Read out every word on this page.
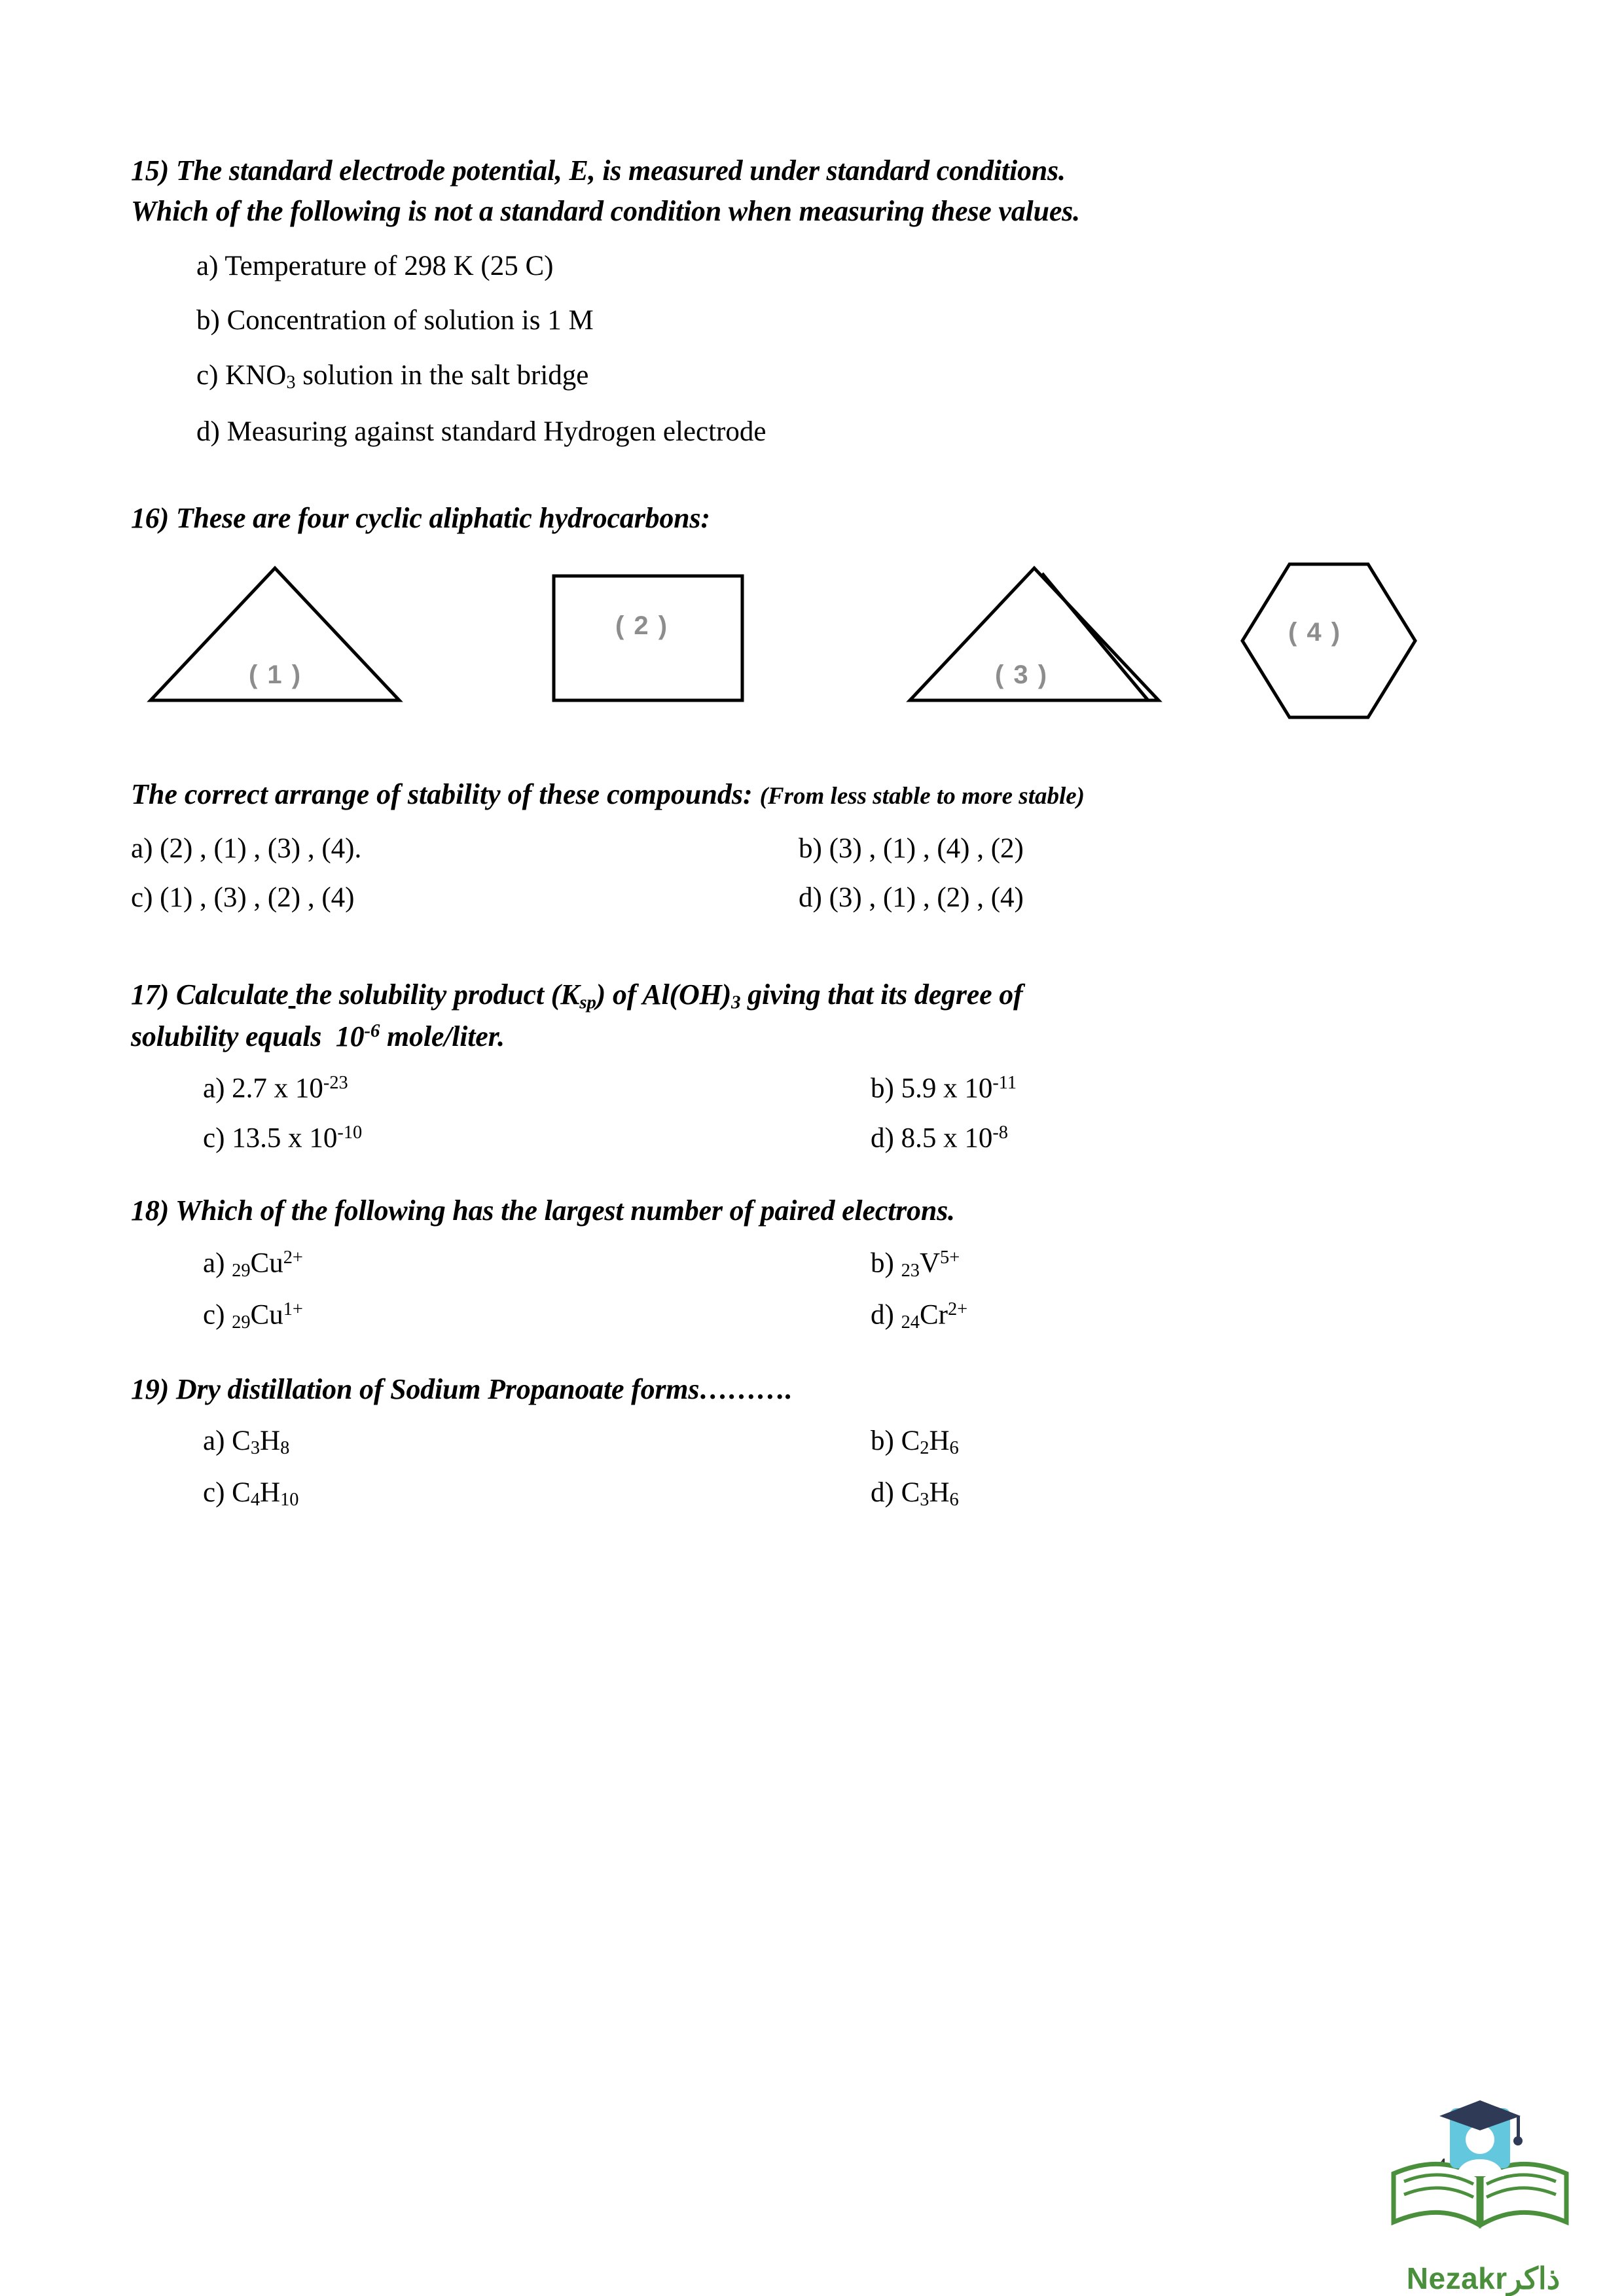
15) The standard electrode potential, E, is measured under standard conditions.
Which of the following is not a standard condition when measuring these values.
a) Temperature of 298 K (25 C)
b) Concentration of solution is 1 M
c) $KNO_3$ solution in the salt bridge
d) Measuring against standard Hydrogen electrode
16) These are four cyclic aliphatic hydrocarbons:
( 1 )
( 2 )
( 3 )
( 4 )
The correct arrange of stability of these compounds: (From less stable to more stable)
a) (2) , (1) , (3) , (4).	b) (3) , (1) , (4) , (2)
c) (1) , (3) , (2) , (4)	d) (3) , (1) , (2) , (4)
17) Calculate the solubility product $(K_{sp})$ of $Al(OH)_3$ giving that its degree of
solubility equals  $10^{-6}$ mole/liter.
a) 2.7 x $10^{-23}$	b) 5.9 x $10^{-11}$
c) 13.5 x $10^{-10}$	d) 8.5 x $10^{-8}$
18) Which of the following has the largest number of paired electrons.
a) $_{29}Cu^{2+}$	b) $_{23}V^{5+}$
c) $_{29}Cu^{1+}$	d) $_{24}Cr^{2+}$
19) Dry distillation of Sodium Propanoate forms……….
a) $C_3H_8$	b) $C_2H_6$
c) $C_4H_{10}$	d) $C_3H_6$
Nezakrذاكر
